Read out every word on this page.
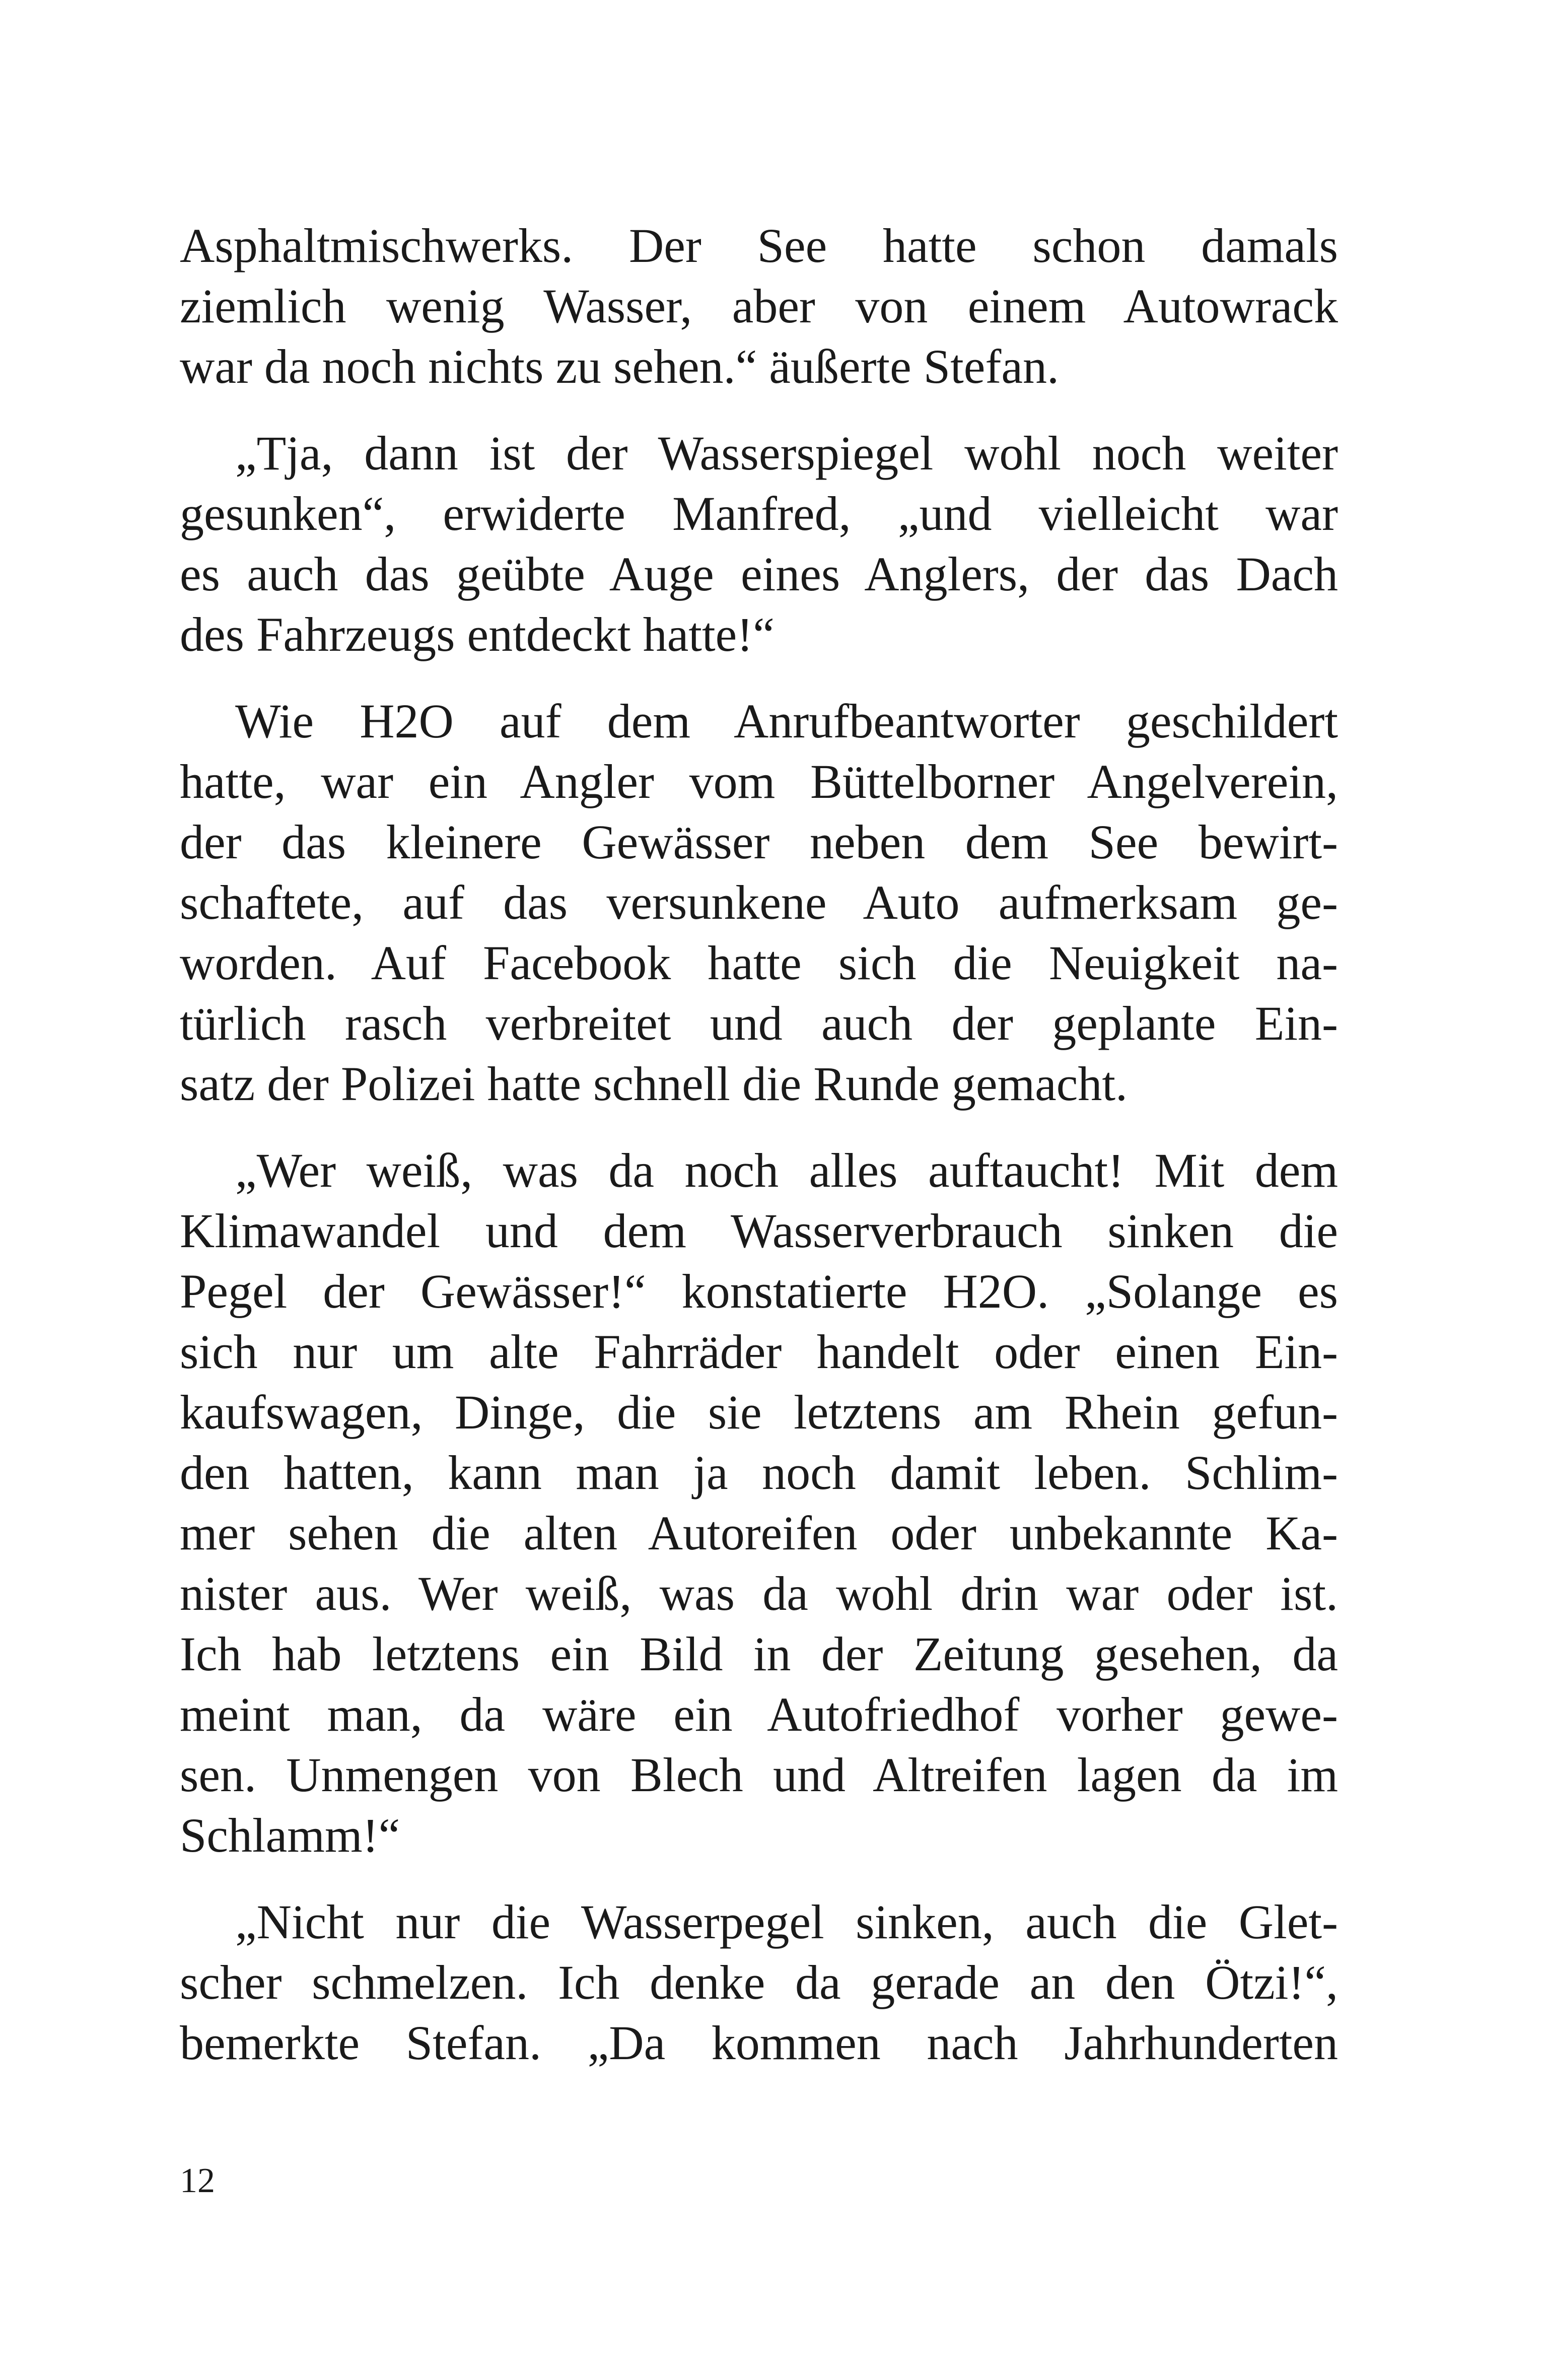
Asphaltmischwerks. Der See hatte schon damals
ziemlich wenig Wasser, aber von einem Autowrack
war da noch nichts zu sehen.“ äußerte Stefan.
„Tja, dann ist der Wasserspiegel wohl noch weiter
gesunken“, erwiderte Manfred, „und vielleicht war
es auch das geübte Auge eines Anglers, der das Dach
des Fahrzeugs entdeckt hatte!“
Wie H2O auf dem Anrufbeantworter geschildert
hatte, war ein Angler vom Büttelborner Angelverein,
der das kleinere Gewässer neben dem See bewirt-
schaftete, auf das versunkene Auto aufmerksam ge-
worden. Auf Facebook hatte sich die Neuigkeit na-
türlich rasch verbreitet und auch der geplante Ein-
satz der Polizei hatte schnell die Runde gemacht.
„Wer weiß, was da noch alles auftaucht! Mit dem
Klimawandel und dem Wasserverbrauch sinken die
Pegel der Gewässer!“ konstatierte H2O. „Solange es
sich nur um alte Fahrräder handelt oder einen Ein-
kaufswagen, Dinge, die sie letztens am Rhein gefun-
den hatten, kann man ja noch damit leben. Schlim-
mer sehen die alten Autoreifen oder unbekannte Ka-
nister aus. Wer weiß, was da wohl drin war oder ist.
Ich hab letztens ein Bild in der Zeitung gesehen, da
meint man, da wäre ein Autofriedhof vorher gewe-
sen. Unmengen von Blech und Altreifen lagen da im
Schlamm!“
„Nicht nur die Wasserpegel sinken, auch die Glet-
scher schmelzen. Ich denke da gerade an den Ötzi!“,
bemerkte Stefan. „Da kommen nach Jahrhunderten
12
